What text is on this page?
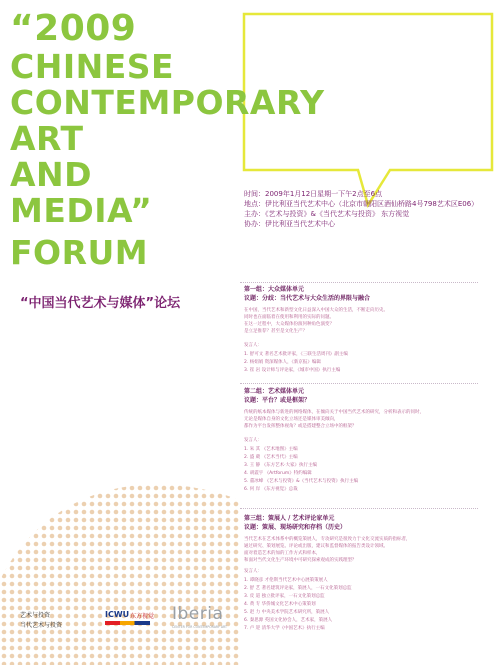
“2009
CHINESE
CONTEMPORARY
ART
AND
MEDIA”
FORUM
“中国当代艺术与媒体”论坛
时间：2009年1月12日星期一下午2点至6点
地点：伊比利亚当代艺术中心（北京市朝阳区酒仙桥路4号798艺术区E06）
主办：《艺术与投资》&《当代艺术与投资》 东方视觉
协办：伊比利亚当代艺术中心
第一组：大众媒体单元
议题：分歧：当代艺术与大众生活的界限与融合
在中国，当代艺术和新型文化日益深入中国大众的生活，不断走向历史。
同时也在面临着在使用和利用的实际的问题。
在这一过程中，大众媒体扮演何种角色演变？
是立足推荐？甚至是文化生产？
发言人：
1. 舒可文 著名艺术批评家，《三联生活周刊》副主编
2. 杨娟娟 资深媒体人，《新京报》编辑
3. 崔 岩 设计师与评论家，《城市中国》执行主编
第二组：艺术媒体单元
议题：平台？或是框架？
传统的纸本媒体与新进的网络媒体，在倾向关于中国当代艺术的研究，分析和表示的同时，
无论是媒体自身的文化立场还是媒体审美倾向，
都作为平台发挥整体视角？或是搭建整合立场中的框架？
发言人：
1. 朱 其 《艺术地图》主编
2. 盛 葳 《艺术当代》主编
3. 王 静 《东方艺术·大家》执行主编
4. 胡震宇 《Artforum》特约编辑
5. 董冰峰 《艺术与投资》&《当代艺术与投资》执行主编
6. 何 岸 《东方视觉》总裁
第三组：策展人 / 艺术评论家单元
议题：策展、现场研究和存档（历史）
当代艺术在艺术体系中的概览策展人，专攻研究是很致力于文化交流实质的指标者，
通过研究、策划展览、评论或出版，建议和监督媒体的报告类设计领域。
面对着造艺术的加的工作方式和样本，
和面对当代文化生产环境中可研究探索观成的实践理型？
发言人：
1. 谭晓彦 才伦斯当代艺术中心展策策展人
2. 舒 艺 著名建筑评论家，策展人，一石文化策划总监
3. 皮 道 独立批评家，一石文化策划总监
4. 黄 专 华侨城文化艺术中心策策划
5. 赵 力 中央美术学院艺术研究所，策展人
6. 秦思源 英国文化协会人，艺术家，策展人
7. 卢 迎 清华大学《中国艺术》执行主编
艺术与投资
当代艺术与投资
ICWU 东方视觉 Iberia
CENTER FOR CONTEMPORARY ART
